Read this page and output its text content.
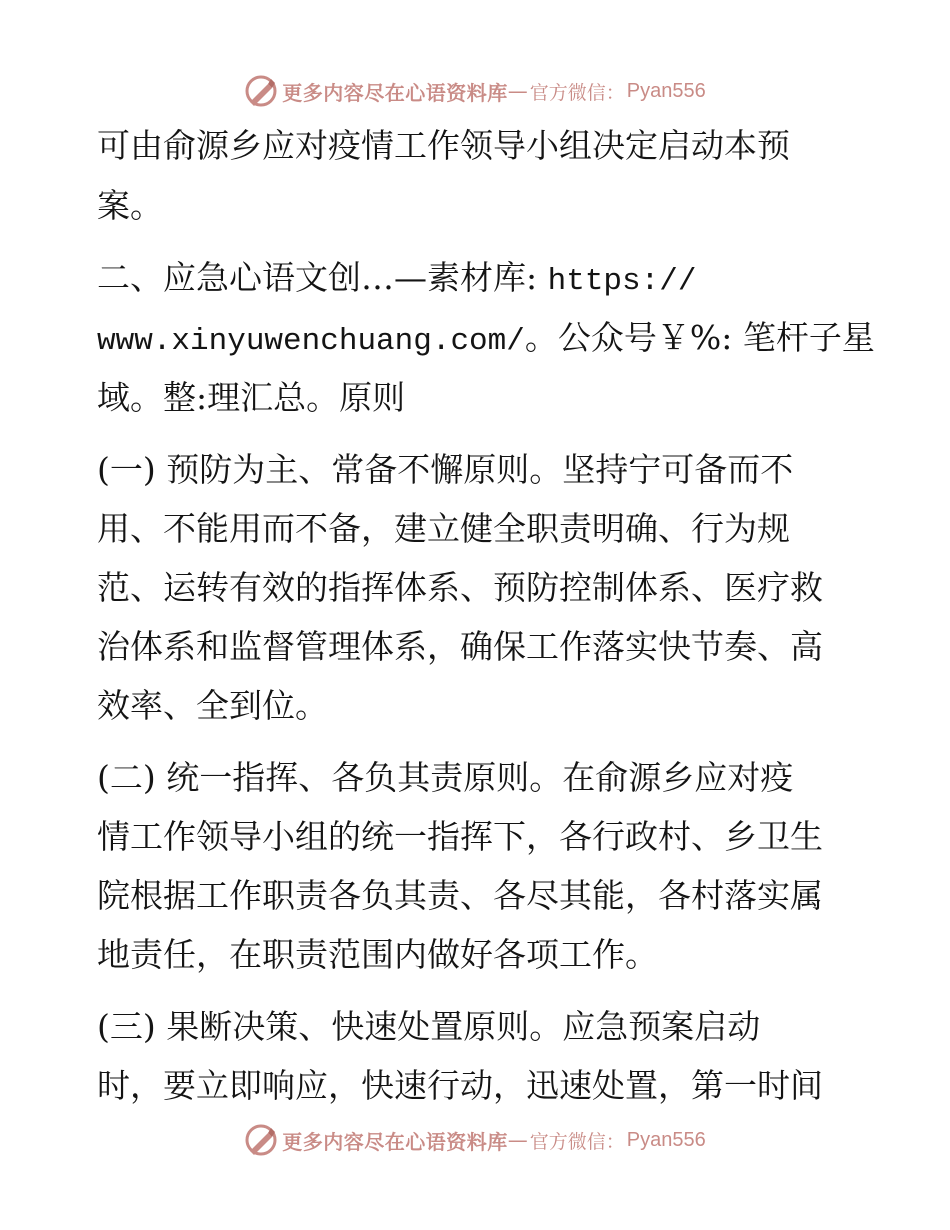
更多内容尽在心语资料库 — 官方微信： Pyan556
可由俞源乡应对疫情工作领导小组决定启动本预
案。
二、应急心语文创…—素材库: https://
www.xinyuwenchuang.com/。公众号￥%: 笔杆子星
域。整:理汇总。原则
(一) 预防为主、常备不懈原则。坚持宁可备而不
用、不能用而不备，建立健全职责明确、行为规
范、运转有效的指挥体系、预防控制体系、医疗救
治体系和监督管理体系，确保工作落实快节奏、高
效率、全到位。
(二) 统一指挥、各负其责原则。在俞源乡应对疫
情工作领导小组的统一指挥下，各行政村、乡卫生
院根据工作职责各负其责、各尽其能，各村落实属
地责任，在职责范围内做好各项工作。
(三) 果断决策、快速处置原则。应急预案启动
时，要立即响应，快速行动，迅速处置，第一时间
更多内容尽在心语资料库 — 官方微信： Pyan556
